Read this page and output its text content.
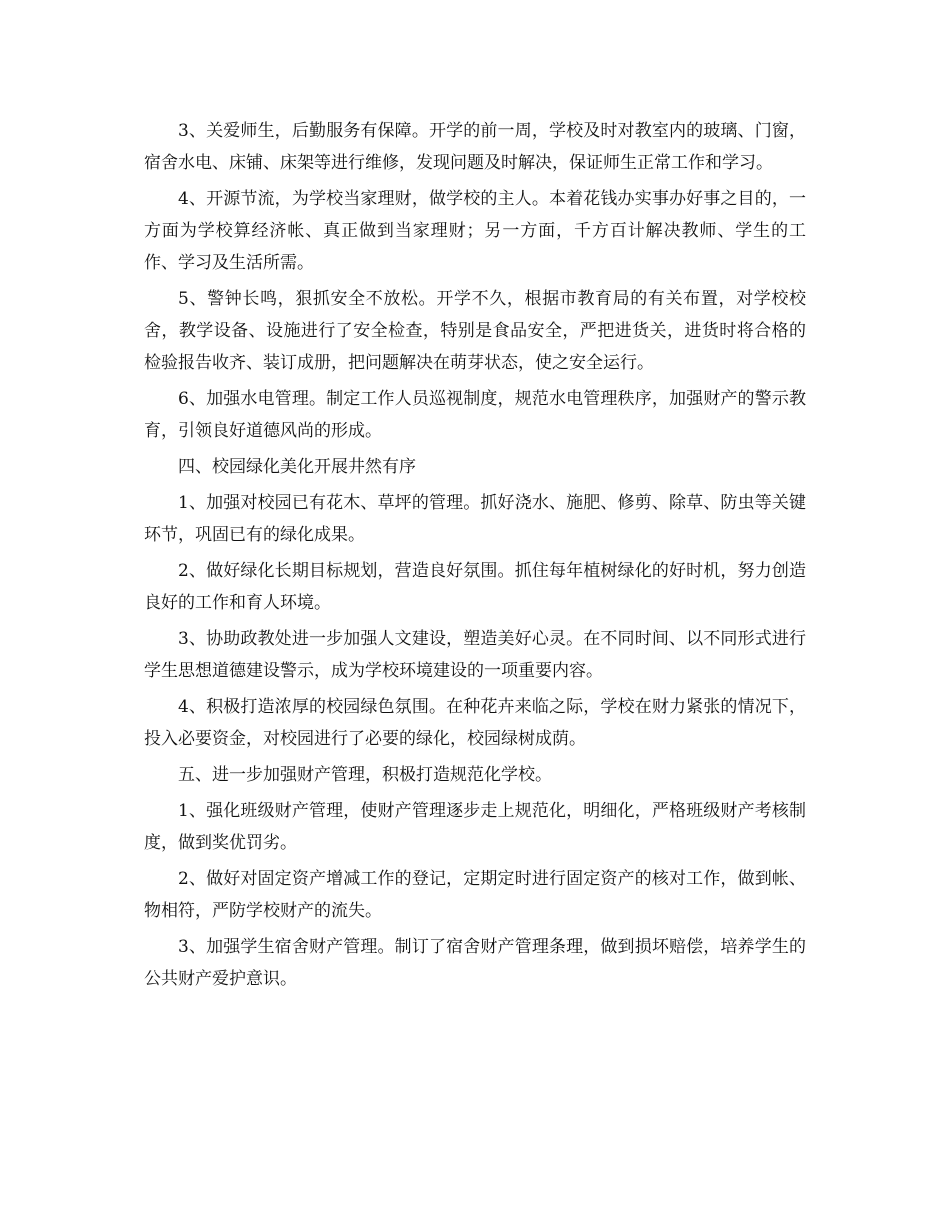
3、关爱师生，后勤服务有保障。开学的前一周，学校及时对教室内的玻璃、门窗，宿舍水电、床铺、床架等进行维修，发现问题及时解决，保证师生正常工作和学习。

4、开源节流，为学校当家理财，做学校的主人。本着花钱办实事办好事之目的，一方面为学校算经济帐、真正做到当家理财；另一方面，千方百计解决教师、学生的工作、学习及生活所需。

5、警钟长鸣，狠抓安全不放松。开学不久，根据市教育局的有关布置，对学校校舍，教学设备、设施进行了安全检查，特别是食品安全，严把进货关，进货时将合格的检验报告收齐、装订成册，把问题解决在萌芽状态，使之安全运行。

6、加强水电管理。制定工作人员巡视制度，规范水电管理秩序，加强财产的警示教育，引领良好道德风尚的形成。

四、校园绿化美化开展井然有序

1、加强对校园已有花木、草坪的管理。抓好浇水、施肥、修剪、除草、防虫等关键环节，巩固已有的绿化成果。

2、做好绿化长期目标规划，营造良好氛围。抓住每年植树绿化的好时机，努力创造良好的工作和育人环境。

3、协助政教处进一步加强人文建设，塑造美好心灵。在不同时间、以不同形式进行学生思想道德建设警示，成为学校环境建设的一项重要内容。

4、积极打造浓厚的校园绿色氛围。在种花卉来临之际，学校在财力紧张的情况下，投入必要资金，对校园进行了必要的绿化，校园绿树成荫。

五、进一步加强财产管理，积极打造规范化学校。

1、强化班级财产管理，使财产管理逐步走上规范化，明细化，严格班级财产考核制度，做到奖优罚劣。

2、做好对固定资产增减工作的登记，定期定时进行固定资产的核对工作，做到帐、物相符，严防学校财产的流失。

3、加强学生宿舍财产管理。制订了宿舍财产管理条理，做到损坏赔偿，培养学生的公共财产爱护意识。
